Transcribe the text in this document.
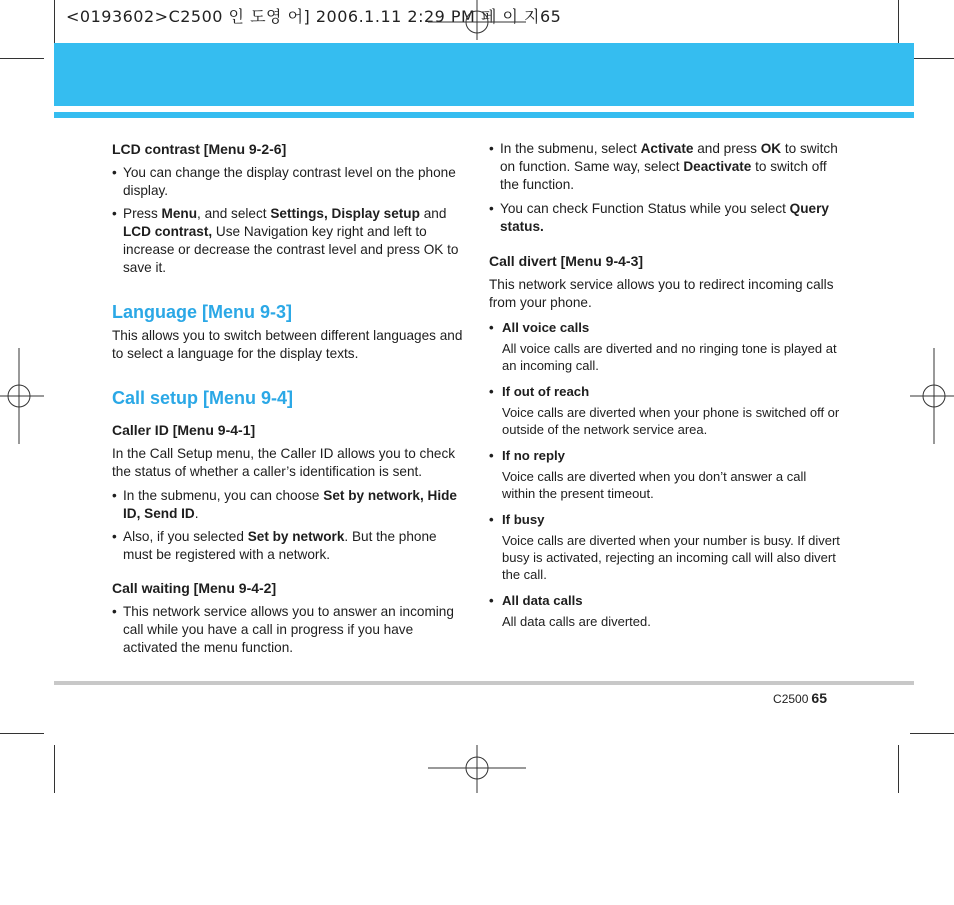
<0193602>C2500 인 도영 어] 2006.1.11 2:29 PM 페 이 지65

LCD contrast [Menu 9-2-6]

• You can change the display contrast level on the phone display.

• Press Menu, and select Settings, Display setup and LCD contrast, Use Navigation key right and left to increase or decrease the contrast level and press OK to save it.

Language [Menu 9-3]

This allows you to switch between different languages and to select a language for the display texts.

Call setup [Menu 9-4]

Caller ID [Menu 9-4-1]

In the Call Setup menu, the Caller ID allows you to check the status of whether a caller’s identification is sent.

• In the submenu, you can choose Set by network, Hide ID, Send ID.

• Also, if you selected Set by network. But the phone must be registered with a network.

Call waiting [Menu 9-4-2]

• This network service allows you to answer an incoming call while you have a call in progress if you have activated the menu function.

• In the submenu, select Activate and press OK to switch on function. Same way, select Deactivate to switch off the function.

• You can check Function Status while you select Query status.

Call divert [Menu 9-4-3]

This network service allows you to redirect incoming calls from your phone.

• All voice calls

All voice calls are diverted and no ringing tone is played at an incoming call.

• If out of reach

Voice calls are diverted when your phone is switched off or outside of the network service area.

• If no reply

Voice calls are diverted when you don’t answer a call within the present timeout.

• If busy

Voice calls are diverted when your number is busy. If divert busy is activated, rejecting an incoming call will also divert the call.

• All data calls

All data calls are diverted.

C2500 65
